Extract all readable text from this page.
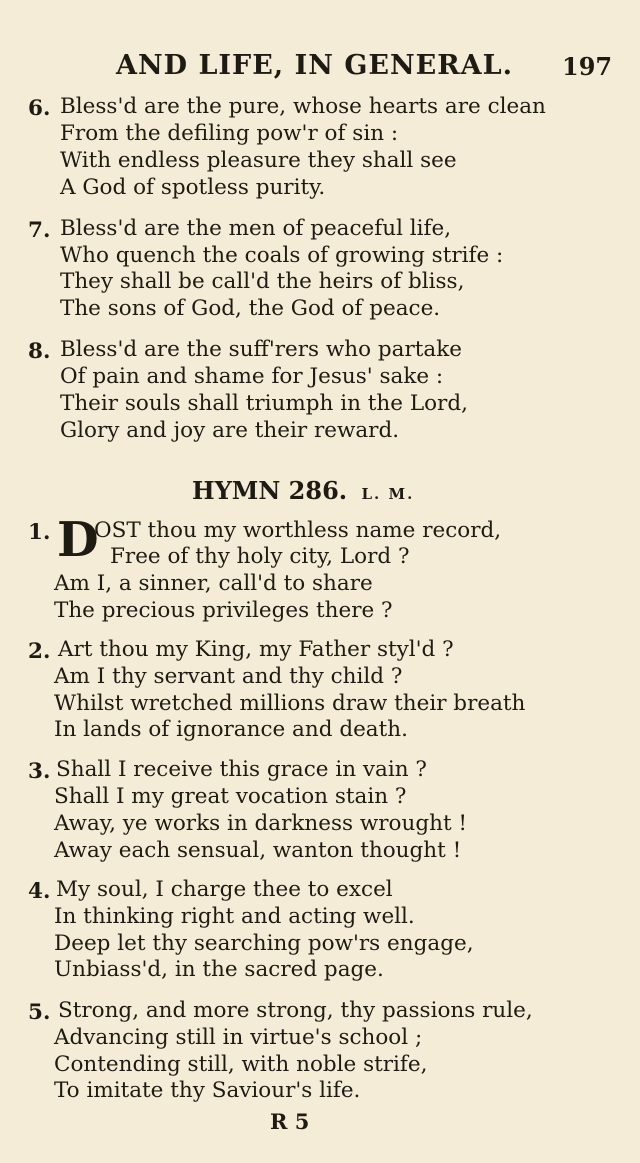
AND LIFE, IN GENERAL. 197
6. Bless'd are the pure, whose hearts are clean
From the defiling pow'r of sin :
With endless pleasure they shall see
A God of spotless purity.
7. Bless'd are the men of peaceful life,
Who quench the coals of growing strife :
They shall be call'd the heirs of bliss,
The sons of God, the God of peace.
8. Bless'd are the suff'rers who partake
Of pain and shame for Jesus' sake :
Their souls shall triumph in the Lord,
Glory and joy are their reward.
HYMN 286. L. M.
1. D
OST thou my worthless name record,
Free of thy holy city, Lord ?
Am I, a sinner, call'd to share
The precious privileges there ?
2. Art thou my King, my Father styl'd ?
Am I thy servant and thy child ?
Whilst wretched millions draw their breath
In lands of ignorance and death.
3. Shall I receive this grace in vain ?
Shall I my great vocation stain ?
Away, ye works in darkness wrought !
Away each sensual, wanton thought !
4. My soul, I charge thee to excel
In thinking right and acting well.
Deep let thy searching pow'rs engage,
Unbiass'd, in the sacred page.
5. Strong, and more strong, thy passions rule,
Advancing still in virtue's school ;
Contending still, with noble strife,
To imitate thy Saviour's life.
R 5
